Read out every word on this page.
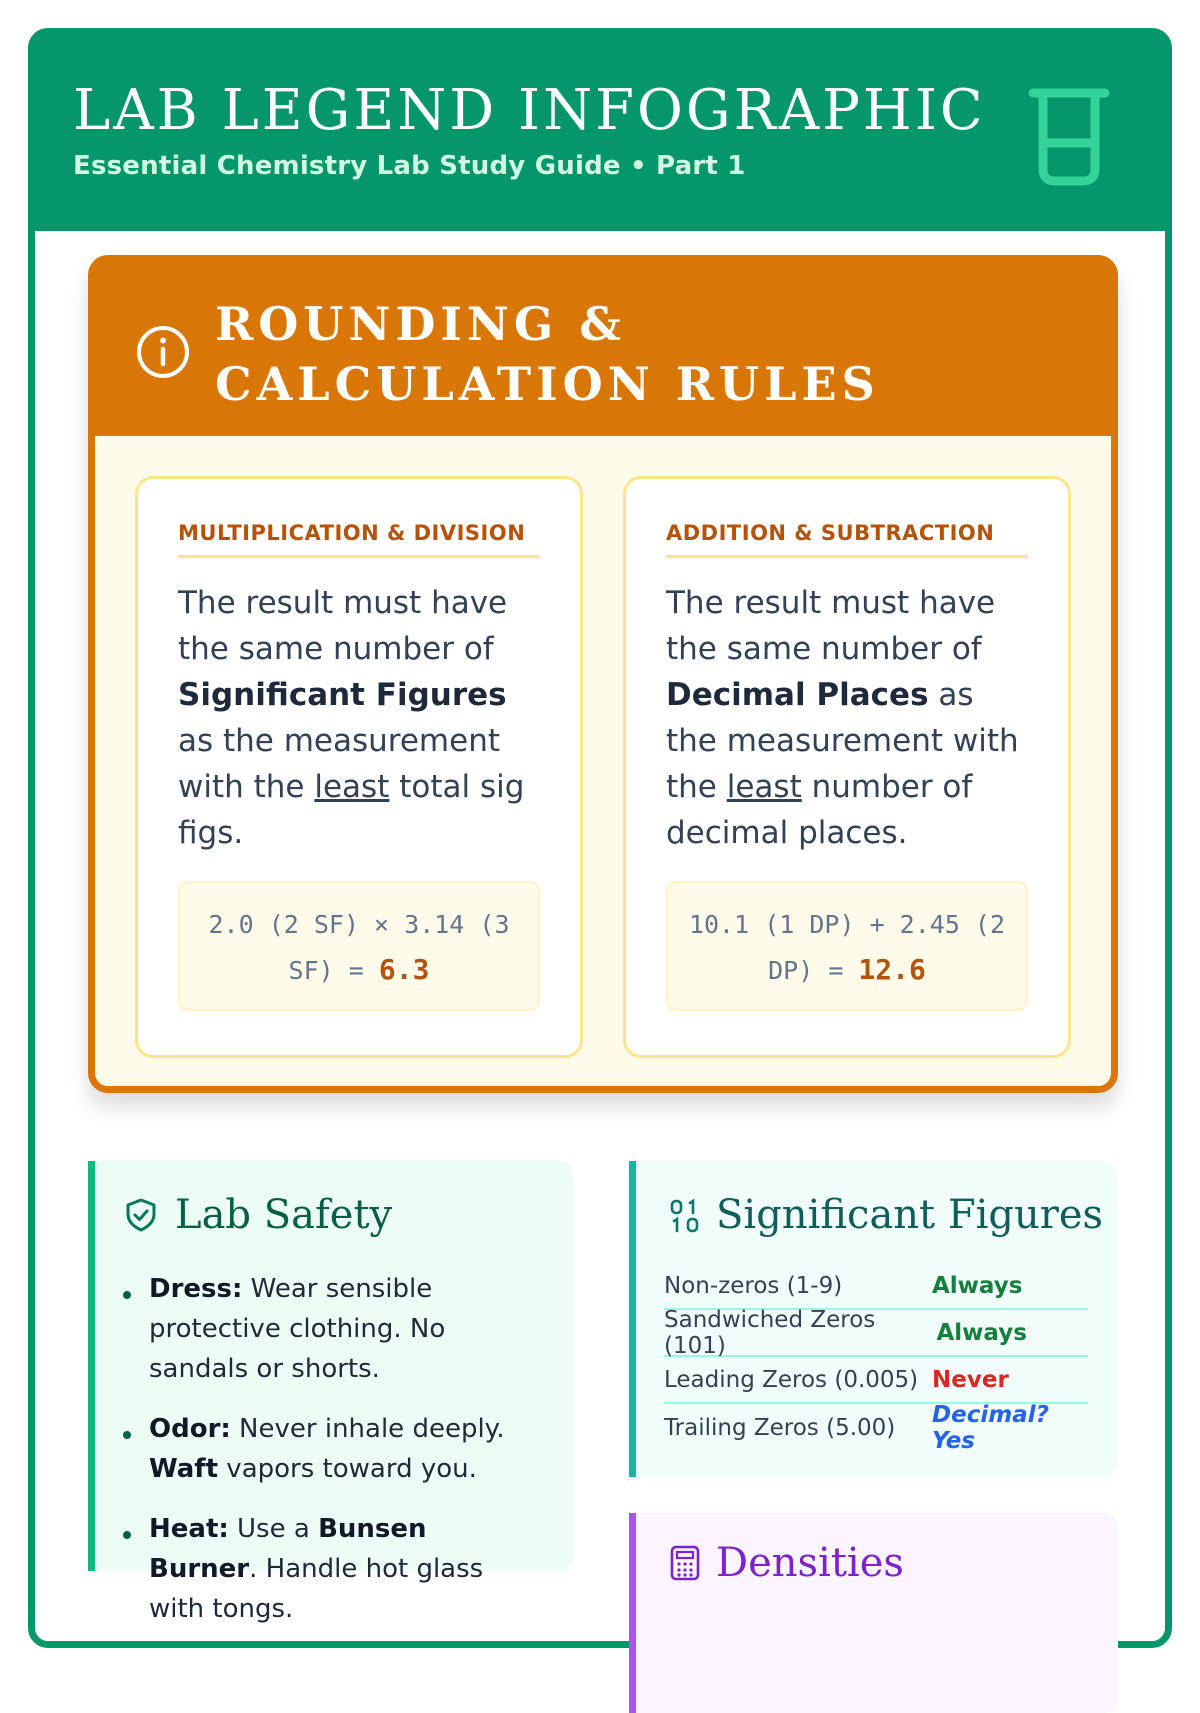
LAB LEGEND INFOGRAPHIC
Essential Chemistry Lab Study Guide • Part 1
ROUNDING & CALCULATION RULES
MULTIPLICATION & DIVISION
The result must have the same number of Significant Figures as the measurement with the least total sig figs.
2.0 (2 SF) × 3.14 (3 SF) = 6.3
ADDITION & SUBTRACTION
The result must have the same number of Decimal Places as the measurement with the least number of decimal places.
10.1 (1 DP) + 2.45 (2 DP) = 12.6
Lab Safety
Dress: Wear sensible protective clothing. No sandals or shorts.
Odor: Never inhale deeply. Waft vapors toward you.
Heat: Use a Bunsen Burner. Handle hot glass with tongs.
Significant Figures
Non-zeros (1-9)	Always
Sandwiched Zeros (101)	Always
Leading Zeros (0.005) Never
Trailing Zeros (5.00) Decimal? Yes
Densities
